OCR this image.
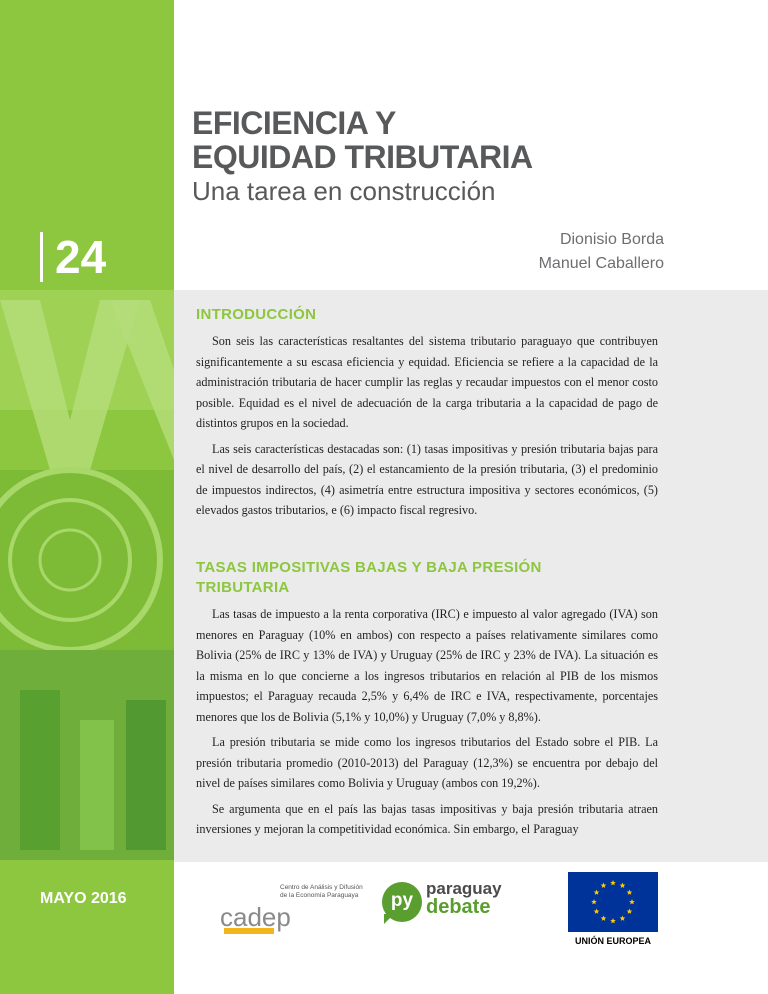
24
MAYO 2016
EFICIENCIA Y
EQUIDAD TRIBUTARIA
Una tarea en construcción
Dionisio Borda
Manuel Caballero
INTRODUCCIÓN

Son seis las características resaltantes del sistema tributario paraguayo que contribuyen significantemente a su escasa eficiencia y equidad. Eficiencia se refiere a la capacidad de la administración tributaria de hacer cumplir las reglas y recaudar impuestos con el menor costo posible. Equidad es el nivel de adecuación de la carga tributaria a la capacidad de pago de distintos grupos en la sociedad.

Las seis características destacadas son: (1) tasas impositivas y presión tributaria bajas para el nivel de desarrollo del país, (2) el estancamiento de la presión tributaria, (3) el predominio de impuestos indirectos, (4) asimetría entre estructura impositiva y sectores económicos, (5) elevados gastos tributarios, e (6) impacto fiscal regresivo.

TASAS IMPOSITIVAS BAJAS Y BAJA PRESIÓN
TRIBUTARIA

Las tasas de impuesto a la renta corporativa (IRC) e impuesto al valor agregado (IVA) son menores en Paraguay (10% en ambos) con respecto a países relativamente similares como Bolivia (25% de IRC y 13% de IVA) y Uruguay (25% de IRC y 23% de IVA). La situación es la misma en lo que concierne a los ingresos tributarios en relación al PIB de los mismos impuestos; el Paraguay recauda 2,5% y 6,4% de IRC e IVA, respectivamente, porcentajes menores que los de Bolivia (5,1% y 10,0%) y Uruguay (7,0% y 8,8%).

La presión tributaria se mide como los ingresos tributarios del Estado sobre el PIB. La presión tributaria promedio (2010-2013) del Paraguay (12,3%) se encuentra por debajo del nivel de países similares como Bolivia y Uruguay (ambos con 19,2%).

Se argumenta que en el país las bajas tasas impositivas y baja presión tributaria atraen inversiones y mejoran la competitividad económica. Sin embargo, el Paraguay

cadep
Centro de Análisis y Difusión
de la Economía Paraguaya	py
paraguay
debate
UNIÓN EUROPEA
